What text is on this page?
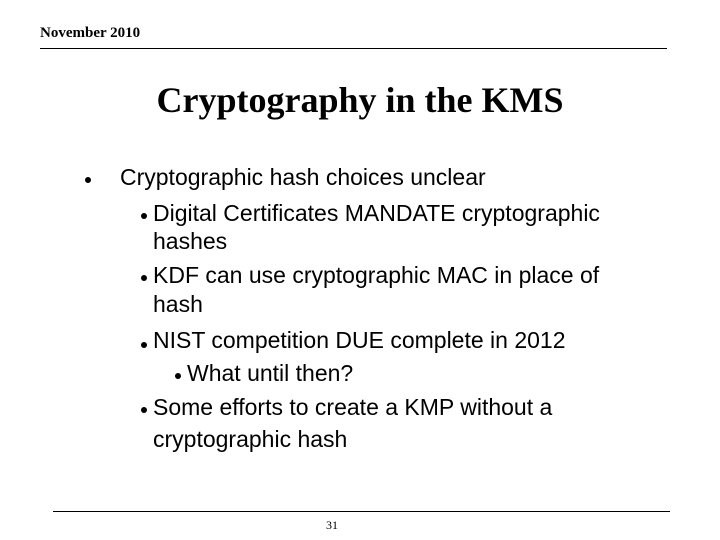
November 2010
Cryptography in the KMS
Cryptographic hash choices unclear
Digital Certificates MANDATE cryptographic
hashes
KDF can use cryptographic MAC in place of
hash
NIST competition DUE complete in 2012
What until then?
Some efforts to create a KMP without a
cryptographic hash
31
